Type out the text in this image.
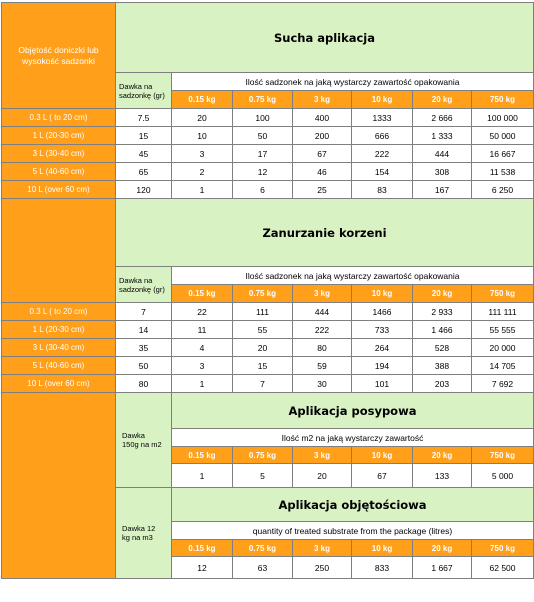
Objętość doniczki lub wysokość sadzonki	Sucha aplikacja						
	Dawka na sadzonkę (gr)	Ilość sadzonek na jaką wystarczy zawartość opakowania					
		0.15 kg	0.75 kg	3 kg	10 kg	20 kg	750 kg
0.3 L ( to 20 cm)	7.5	20	100	400	1333	2 666	100 000
1 L (20-30 cm)	15	10	50	200	666	1 333	50 000
3 L (30-40 cm)	45	3	17	67	222	444	16 667
5 L (40-60 cm)	65	2	12	46	154	308	11 538
10 L (over 60 cm)	120	1	6	25	83	167	6 250
	Zanurzanie korzeni						
	Dawka na sadzonkę (gr)	Ilość sadzonek na jaką wystarczy zawartość opakowania					
		0.15 kg	0.75 kg	3 kg	10 kg	20 kg	750 kg
0.3 L ( to 20 cm)	7	22	111	444	1466	2 933	111 111
1 L (20-30 cm)	14	11	55	222	733	1 466	55 555
3 L (30-40 cm)	35	4	20	80	264	528	20 000
5 L (40-60 cm)	50	3	15	59	194	388	14 705
10 L (over 60 cm)	80	1	7	30	101	203	7 692

	Dawka 150g na m2	Aplikacja posypowa					
		Ilość m2 na jaką wystarczy zawartość					
		0.15 kg	0.75 kg	3 kg	10 kg	20 kg	750 kg
		1	5	20	67	133	5 000

	Dawka 12 kg na m3	Aplikacja objętościowa					
		quantity of treated substrate from the package (litres)					
		0.15 kg	0.75 kg	3 kg	10 kg	20 kg	750 kg
		12	63	250	833	1 667	62 500
